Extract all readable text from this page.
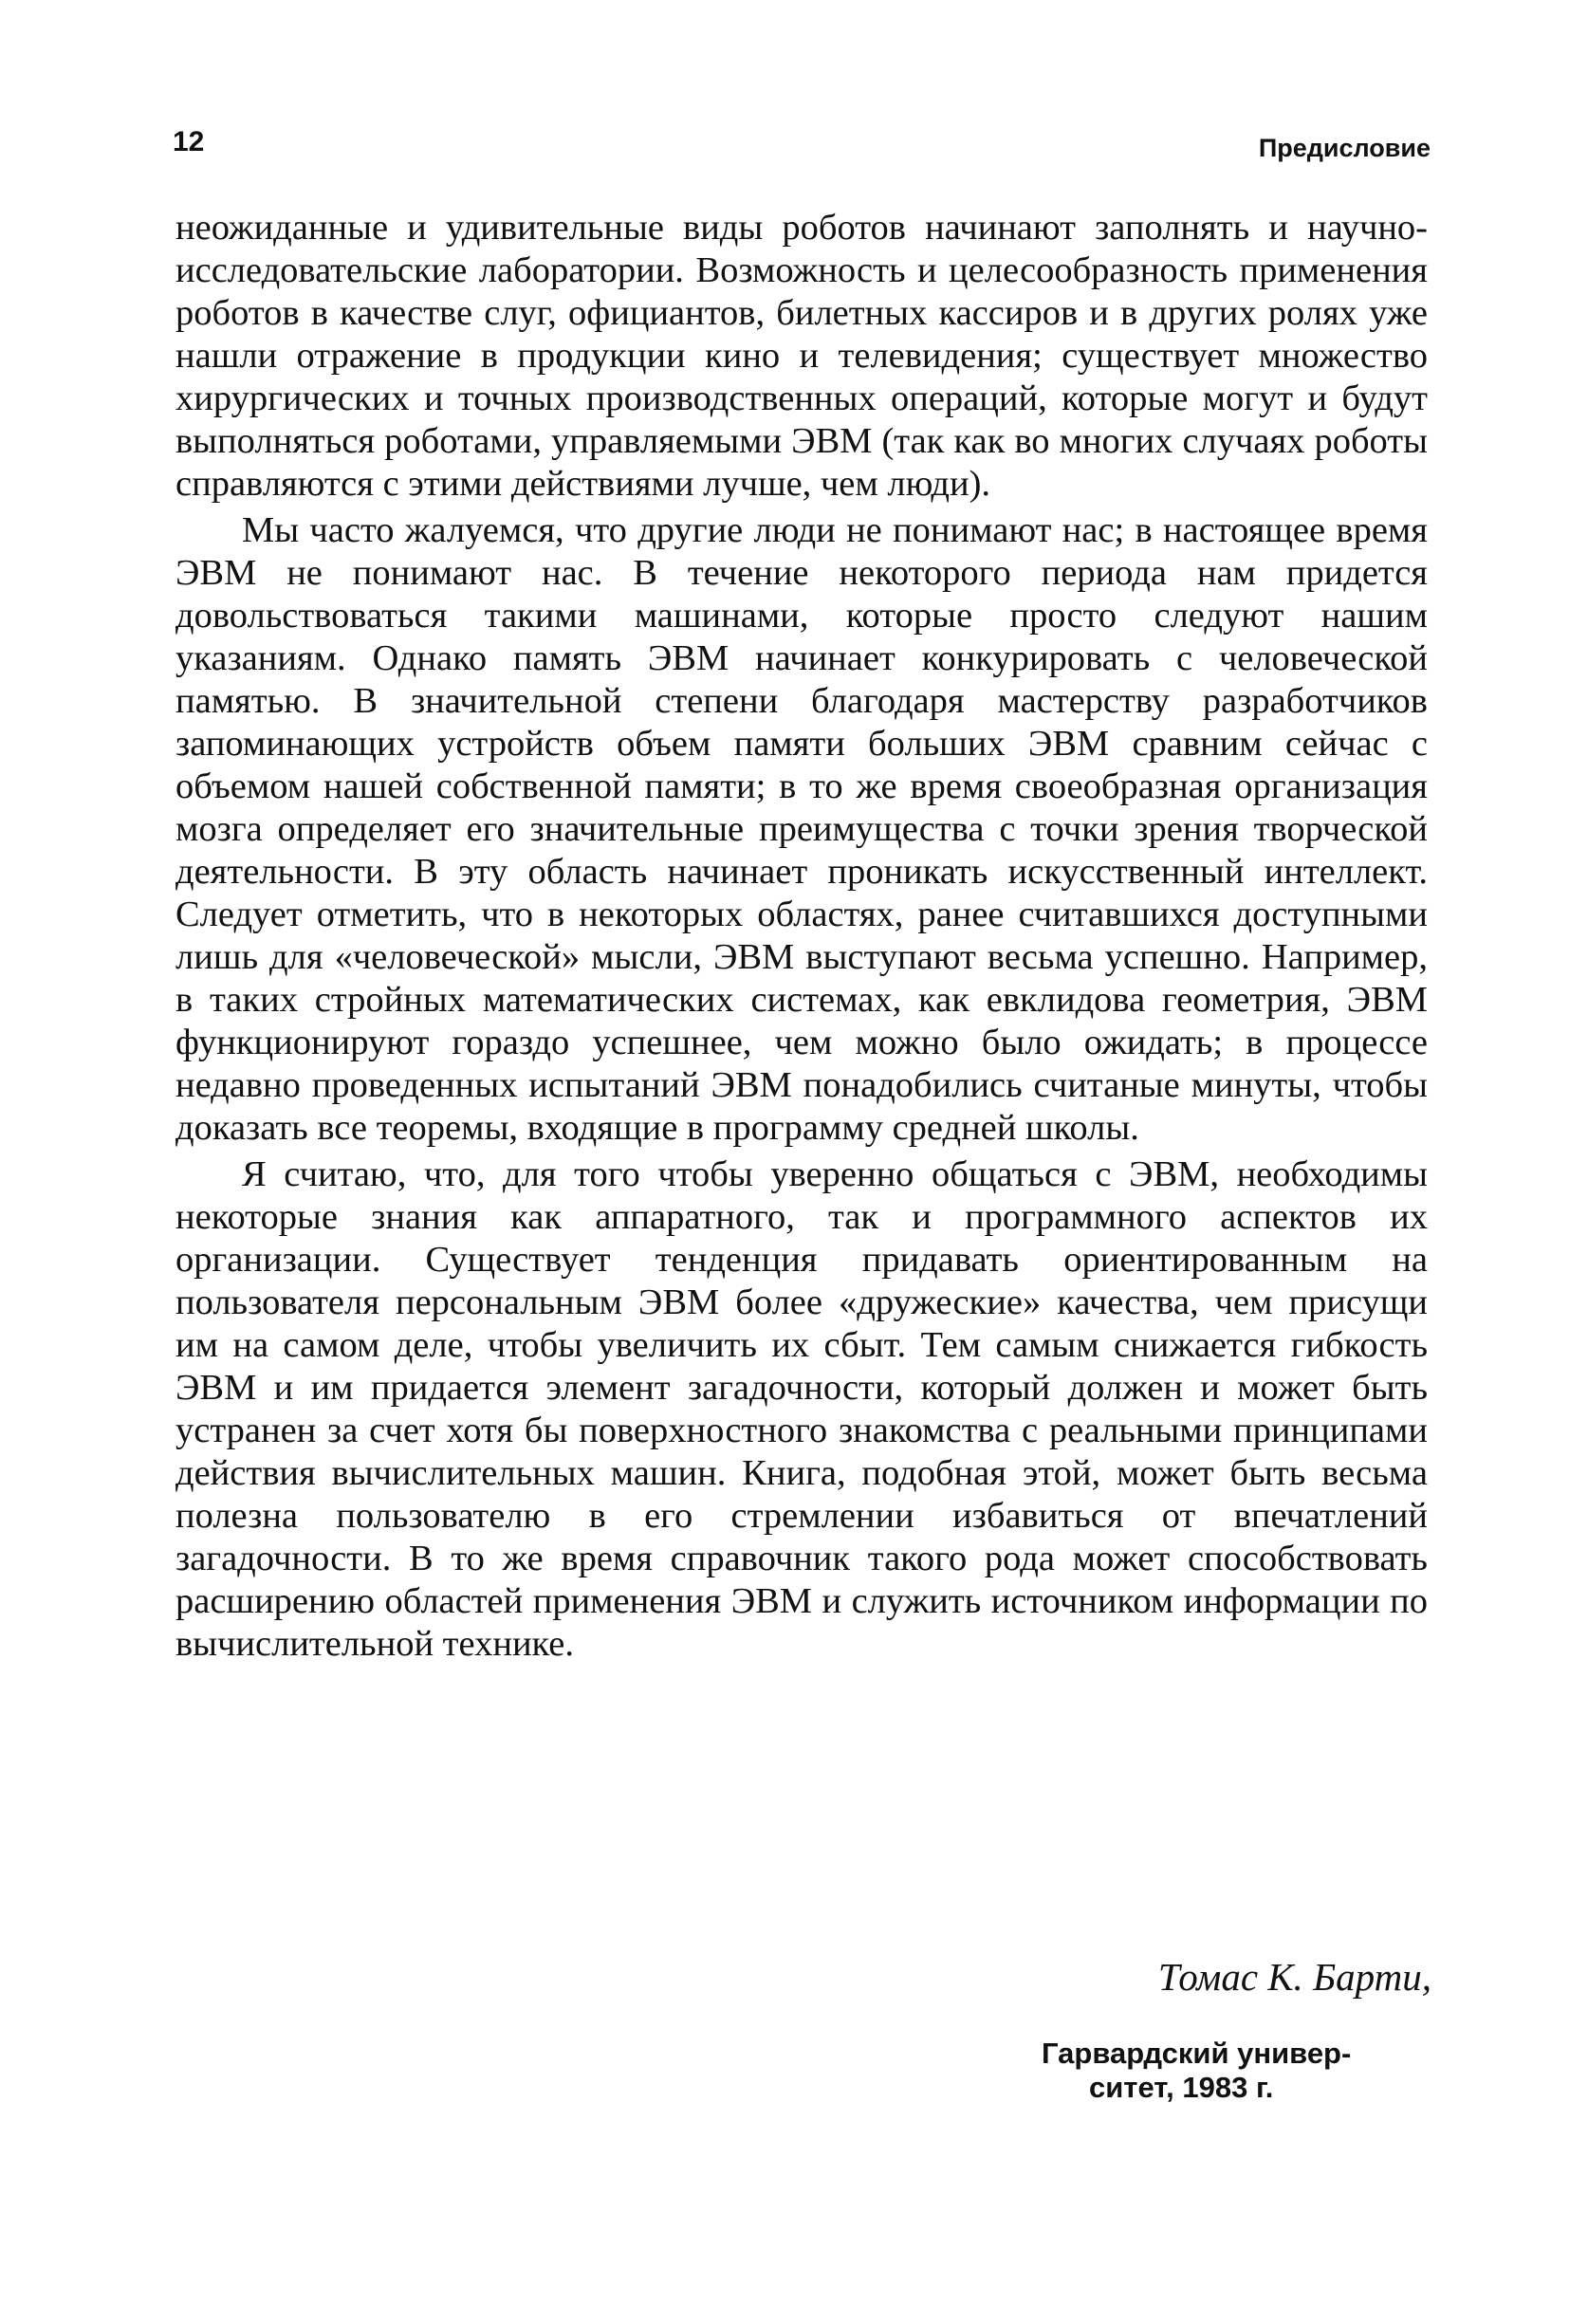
12	Предисловие

неожиданные и удивительные виды роботов начинают заполнять и научно-исследовательские лаборатории. Возможность и целесообразность применения роботов в качестве слуг, официантов, билетных кассиров и в других ролях уже нашли отражение в продукции кино и телевидения; существует множество хирургических и точных производственных операций, которые могут и будут выполняться роботами, управляемыми ЭВМ (так как во многих случаях роботы справляются с этими действиями лучше, чем люди).

Мы часто жалуемся, что другие люди не понимают нас; в настоящее время ЭВМ не понимают нас. В течение некоторого периода нам придется довольствоваться такими машинами, которые просто следуют нашим указаниям. Однако память ЭВМ начинает конкурировать с человеческой памятью. В значительной степени благодаря мастерству разработчиков запоминающих устройств объем памяти больших ЭВМ сравним сейчас с объемом нашей собственной памяти; в то же время своеобразная организация мозга определяет его значительные преимущества с точки зрения творческой деятельности. В эту область начинает проникать искусственный интеллект. Следует отметить, что в некоторых областях, ранее считавшихся доступными лишь для «человеческой» мысли, ЭВМ выступают весьма успешно. Например, в таких стройных математических системах, как евклидова геометрия, ЭВМ функционируют гораздо успешнее, чем можно было ожидать; в процессе недавно проведенных испытаний ЭВМ понадобились считаные минуты, чтобы доказать все теоремы, входящие в программу средней школы.

Я считаю, что, для того чтобы уверенно общаться с ЭВМ, необходимы некоторые знания как аппаратного, так и программного аспектов их организации. Существует тенденция придавать ориентированным на пользователя персональным ЭВМ более «дружеские» качества, чем присущи им на самом деле, чтобы увеличить их сбыт. Тем самым снижается гибкость ЭВМ и им придается элемент загадочности, который должен и может быть устранен за счет хотя бы поверхностного знакомства с реальными принципами действия вычислительных машин. Книга, подобная этой, может быть весьма полезна пользователю в его стремлении избавиться от впечатлений загадочности. В то же время справочник такого рода может способствовать расширению областей применения ЭВМ и служить источником информации по вычислительной технике.

Томас К. Барти,
Гарвардский универ-
ситет, 1983 г.
